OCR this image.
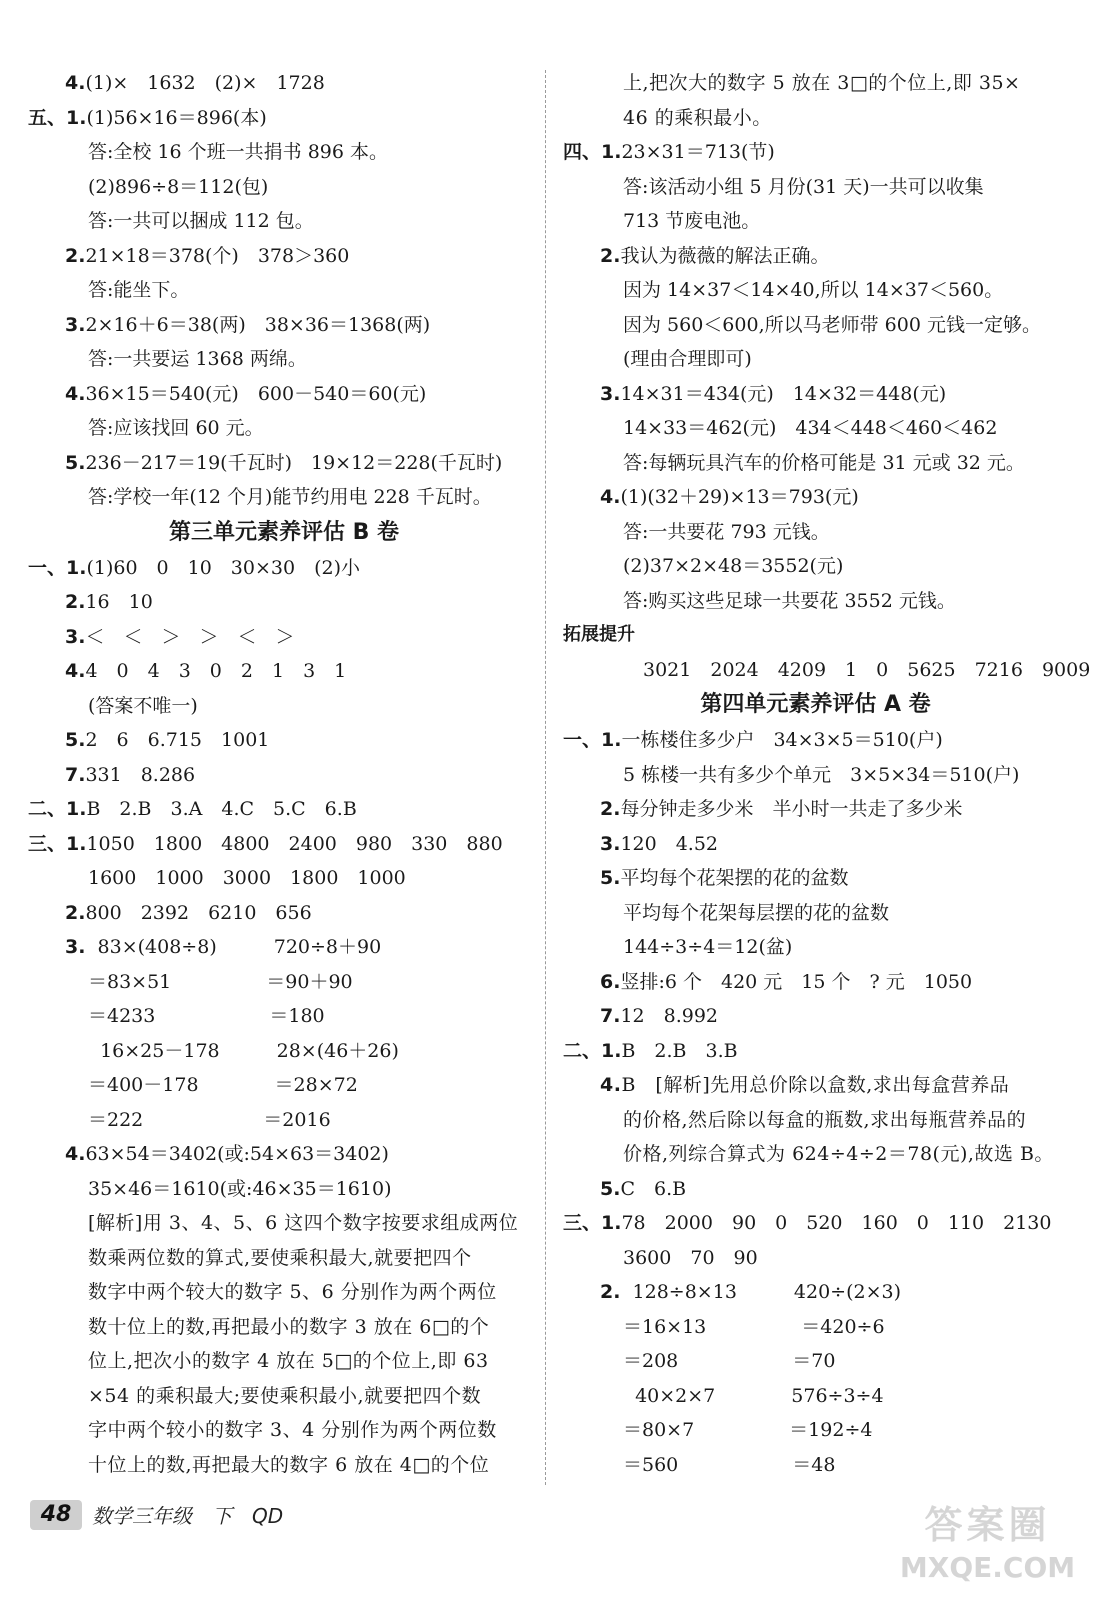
4.(1)×　1632　(2)×　1728
五、1.(1)56×16＝896(本)
答:全校 16 个班一共捐书 896 本。
(2)896÷8＝112(包)
答:一共可以捆成 112 包。
2.21×18＝378(个)　378＞360
答:能坐下。
3.2×16＋6＝38(两)　38×36＝1368(两)
答:一共要运 1368 两绵。
4.36×15＝540(元)　600－540＝60(元)
答:应该找回 60 元。
5.236－217＝19(千瓦时)　19×12＝228(千瓦时)
答:学校一年(12 个月)能节约用电 228 千瓦时。
第三单元素养评估 B 卷
一、1.(1)60　0　10　30×30　(2)小
2.16　10
3.＜　＜　＞　＞　＜　＞
4.4　0　4　3　0　2　1　3　1
(答案不唯一)
5.2　6　6.715　1001
7.331　8.286
二、1.B　2.B　3.A　4.C　5.C　6.B
三、1.1050　1800　4800　2400　980　330　880
1600　1000　3000　1800　1000
2.800　2392　6210　656
3.  83×(408÷8)　　　720÷8＋90
＝83×51　　　　　＝90＋90
＝4233　　　　　　＝180
16×25－178　　　28×(46＋26)
＝400－178　　　　＝28×72
＝222　　　　　　 ＝2016
4.63×54＝3402(或:54×63＝3402)
35×46＝1610(或:46×35＝1610)
[解析]用 3、4、5、6 这四个数字按要求组成两位
数乘两位数的算式,要使乘积最大,就要把四个
数字中两个较大的数字 5、6 分别作为两个两位
数十位上的数,再把最小的数字 3 放在 6□的个
位上,把次小的数字 4 放在 5□的个位上,即 63
×54 的乘积最大;要使乘积最小,就要把四个数
字中两个较小的数字 3、4 分别作为两个两位数
十位上的数,再把最大的数字 6 放在 4□的个位
上,把次大的数字 5 放在 3□的个位上,即 35×
46 的乘积最小。
四、1.23×31＝713(节)
答:该活动小组 5 月份(31 天)一共可以收集
713 节废电池。
2.我认为薇薇的解法正确。
因为 14×37＜14×40,所以 14×37＜560。
因为 560＜600,所以马老师带 600 元钱一定够。
(理由合理即可)
3.14×31＝434(元)　14×32＝448(元)
14×33＝462(元)　434＜448＜460＜462
答:每辆玩具汽车的价格可能是 31 元或 32 元。
4.(1)(32＋29)×13＝793(元)
答:一共要花 793 元钱。
(2)37×2×48＝3552(元)
答:购买这些足球一共要花 3552 元钱。
拓展提升
3021　2024　4209　1　0　5625　7216　9009
第四单元素养评估 A 卷
一、1.一栋楼住多少户　34×3×5＝510(户)
5 栋楼一共有多少个单元　3×5×34＝510(户)
2.每分钟走多少米　半小时一共走了多少米
3.120　4.52
5.平均每个花架摆的花的盆数
平均每个花架每层摆的花的盆数
144÷3÷4＝12(盆)
6.竖排:6 个　420 元　15 个　? 元　1050
7.12　8.992
二、1.B　2.B　3.B
4.B　[解析]先用总价除以盒数,求出每盒营养品
的价格,然后除以每盒的瓶数,求出每瓶营养品的
价格,列综合算式为 624÷4÷2＝78(元),故选 B。
5.C　6.B
三、1.78　2000　90　0　520　160　0　110　2130
3600　70　90
2.  128÷8×13　　　420÷(2×3)
＝16×13　　　　　＝420÷6
＝208　　　　　　＝70
40×2×7　　　　576÷3÷4
＝80×7　　　　　＝192÷4
＝560　　　　　　＝48
48	数学三年级　下　QD	答案圈
MXQE.COM
